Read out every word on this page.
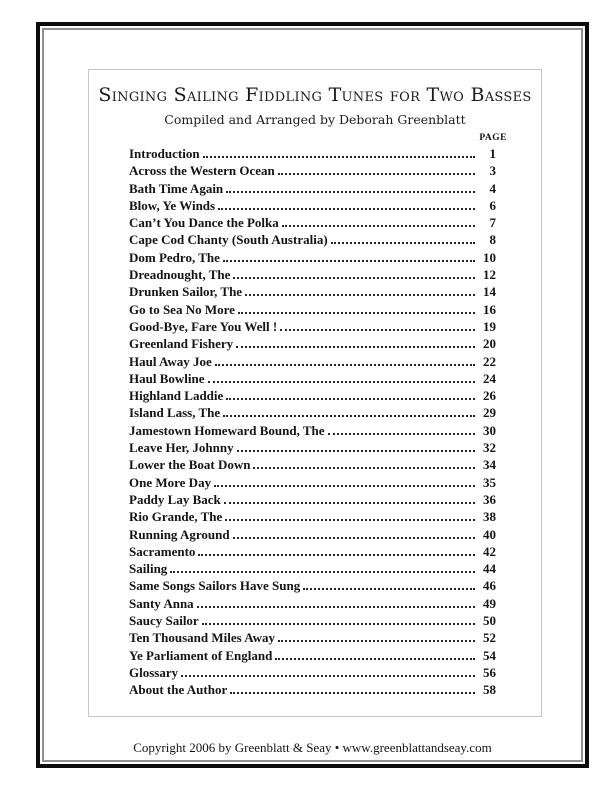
Singing Sailing Fiddling Tunes for Two Basses
Compiled and Arranged by Deborah Greenblatt
PAGE
Introduction	1
Across the Western Ocean	3
Bath Time Again	4
Blow, Ye Winds	6
Can’t You Dance the Polka	7
Cape Cod Chanty (South Australia)	8
Dom Pedro, The	10
Dreadnought, The	12
Drunken Sailor, The	14
Go to Sea No More	16
Good-Bye, Fare You Well !	19
Greenland Fishery	20
Haul Away Joe	22
Haul Bowline	24
Highland Laddie	26
Island Lass, The	29
Jamestown Homeward Bound, The	30
Leave Her, Johnny	32
Lower the Boat Down	34
One More Day	35
Paddy Lay Back	36
Rio Grande, The	38
Running Aground	40
Sacramento	42
Sailing	44
Same Songs Sailors Have Sung	46
Santy Anna	49
Saucy Sailor	50
Ten Thousand Miles Away	52
Ye Parliament of England	54
Glossary	56
About the Author	58
Copyright 2006 by Greenblatt & Seay • www.greenblattandseay.com
